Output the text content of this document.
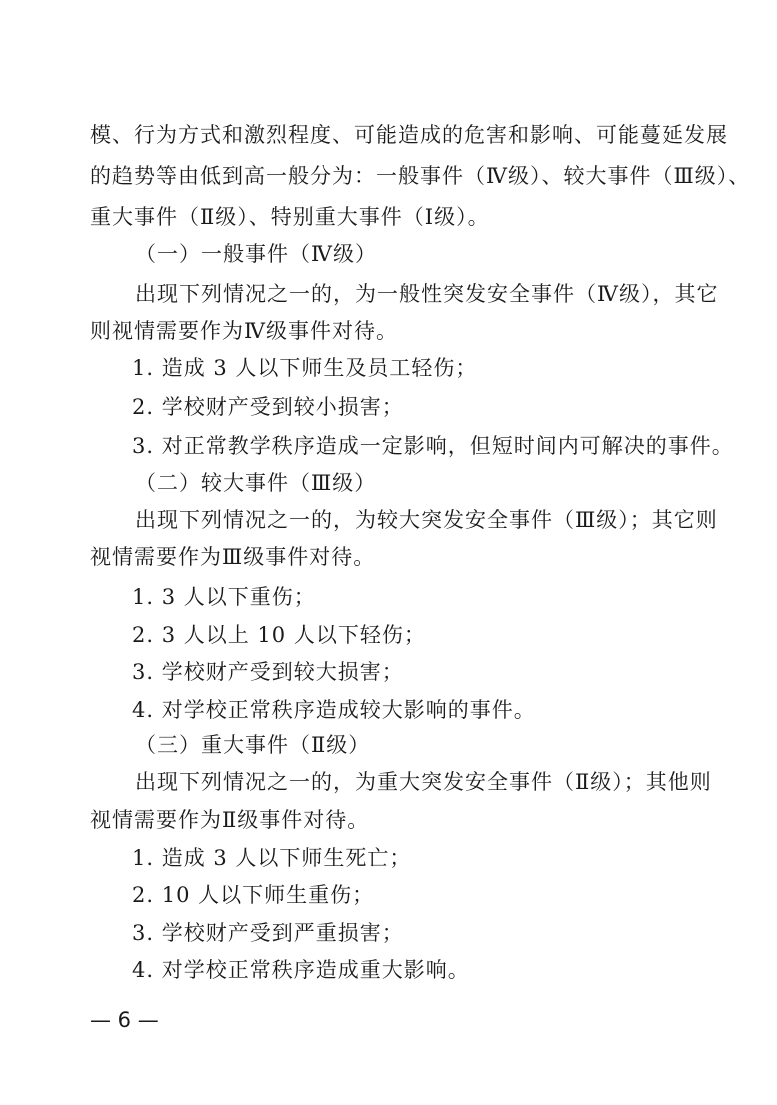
模、行为方式和激烈程度、可能造成的危害和影响、可能蔓延发展
的趋势等由低到高一般分为：一般事件（Ⅳ级）、较大事件（Ⅲ级）、
重大事件（Ⅱ级）、特别重大事件（Ⅰ级）。
（一）一般事件（Ⅳ级）
出现下列情况之一的，为一般性突发安全事件（Ⅳ级），其它
则视情需要作为Ⅳ级事件对待。
1. 造成 3 人以下师生及员工轻伤；
2. 学校财产受到较小损害；
3. 对正常教学秩序造成一定影响，但短时间内可解决的事件。
（二）较大事件（Ⅲ级）
出现下列情况之一的，为较大突发安全事件（Ⅲ级）；其它则
视情需要作为Ⅲ级事件对待。
1. 3 人以下重伤；
2. 3 人以上 10 人以下轻伤；
3. 学校财产受到较大损害；
4. 对学校正常秩序造成较大影响的事件。
（三）重大事件（Ⅱ级）
出现下列情况之一的，为重大突发安全事件（Ⅱ级）；其他则
视情需要作为Ⅱ级事件对待。
1. 造成 3 人以下师生死亡；
2. 10 人以下师生重伤；
3. 学校财产受到严重损害；
4. 对学校正常秩序造成重大影响。
— 6 —
